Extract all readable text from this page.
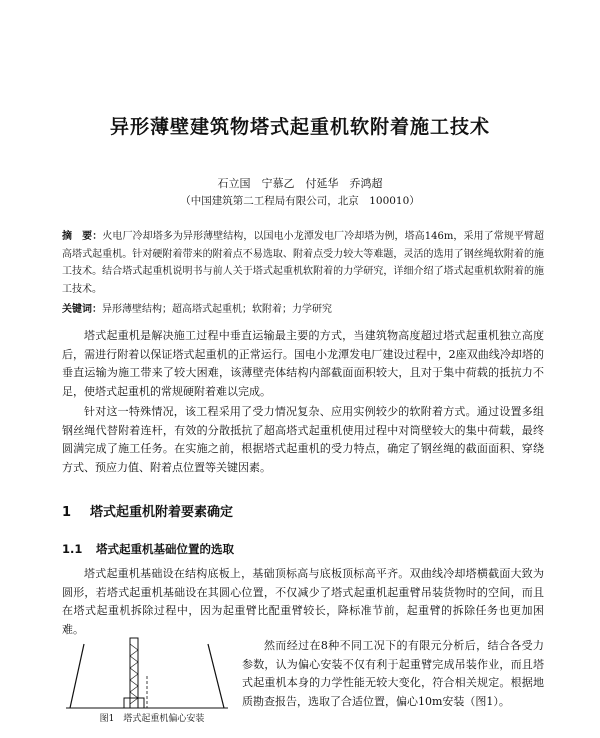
异形薄壁建筑物塔式起重机软附着施工技术
石立国　宁慕乙　付延华　乔鸿超
（中国建筑第二工程局有限公司，北京　100010）
摘　要：火电厂冷却塔多为异形薄壁结构，以国电小龙潭发电厂冷却塔为例，塔高146m，采用了常规平臂超高塔式起重机。针对硬附着带来的附着点不易选取、附着点受力较大等难题，灵活的选用了钢丝绳软附着的施工技术。结合塔式起重机说明书与前人关于塔式起重机软附着的力学研究，详细介绍了塔式起重机软附着的施工技术。
关键词：异形薄壁结构；超高塔式起重机；软附着；力学研究
塔式起重机是解决施工过程中垂直运输最主要的方式，当建筑物高度超过塔式起重机独立高度后，需进行附着以保证塔式起重机的正常运行。国电小龙潭发电厂建设过程中，2座双曲线冷却塔的垂直运输为施工带来了较大困难，该薄壁壳体结构内部截面面积较大，且对于集中荷载的抵抗力不足，使塔式起重机的常规硬附着难以完成。
针对这一特殊情况，该工程采用了受力情况复杂、应用实例较少的软附着方式。通过设置多组钢丝绳代替附着连杆，有效的分散抵抗了超高塔式起重机使用过程中对筒壁较大的集中荷载，最终圆满完成了施工任务。在实施之前，根据塔式起重机的受力特点，确定了钢丝绳的截面面积、穿绕方式、预应力值、附着点位置等关键因素。
1 塔式起重机附着要素确定
1.1 塔式起重机基础位置的选取
塔式起重机基础设在结构底板上，基础顶标高与底板顶标高平齐。双曲线冷却塔横截面大致为圆形，若塔式起重机基础设在其圆心位置，不仅减少了塔式起重机起重臂吊装货物时的空间，而且在塔式起重机拆除过程中，因为起重臂比配重臂较长，降标准节前，起重臂的拆除任务也更加困难。
图1　塔式起重机偏心安装
然而经过在8种不同工况下的有限元分析后，结合各受力参数，认为偏心安装不仅有利于起重臂完成吊装作业，而且塔式起重机本身的力学性能无较大变化，符合相关规定。根据地质勘查报告，选取了合适位置，偏心10m安装（图1）。
